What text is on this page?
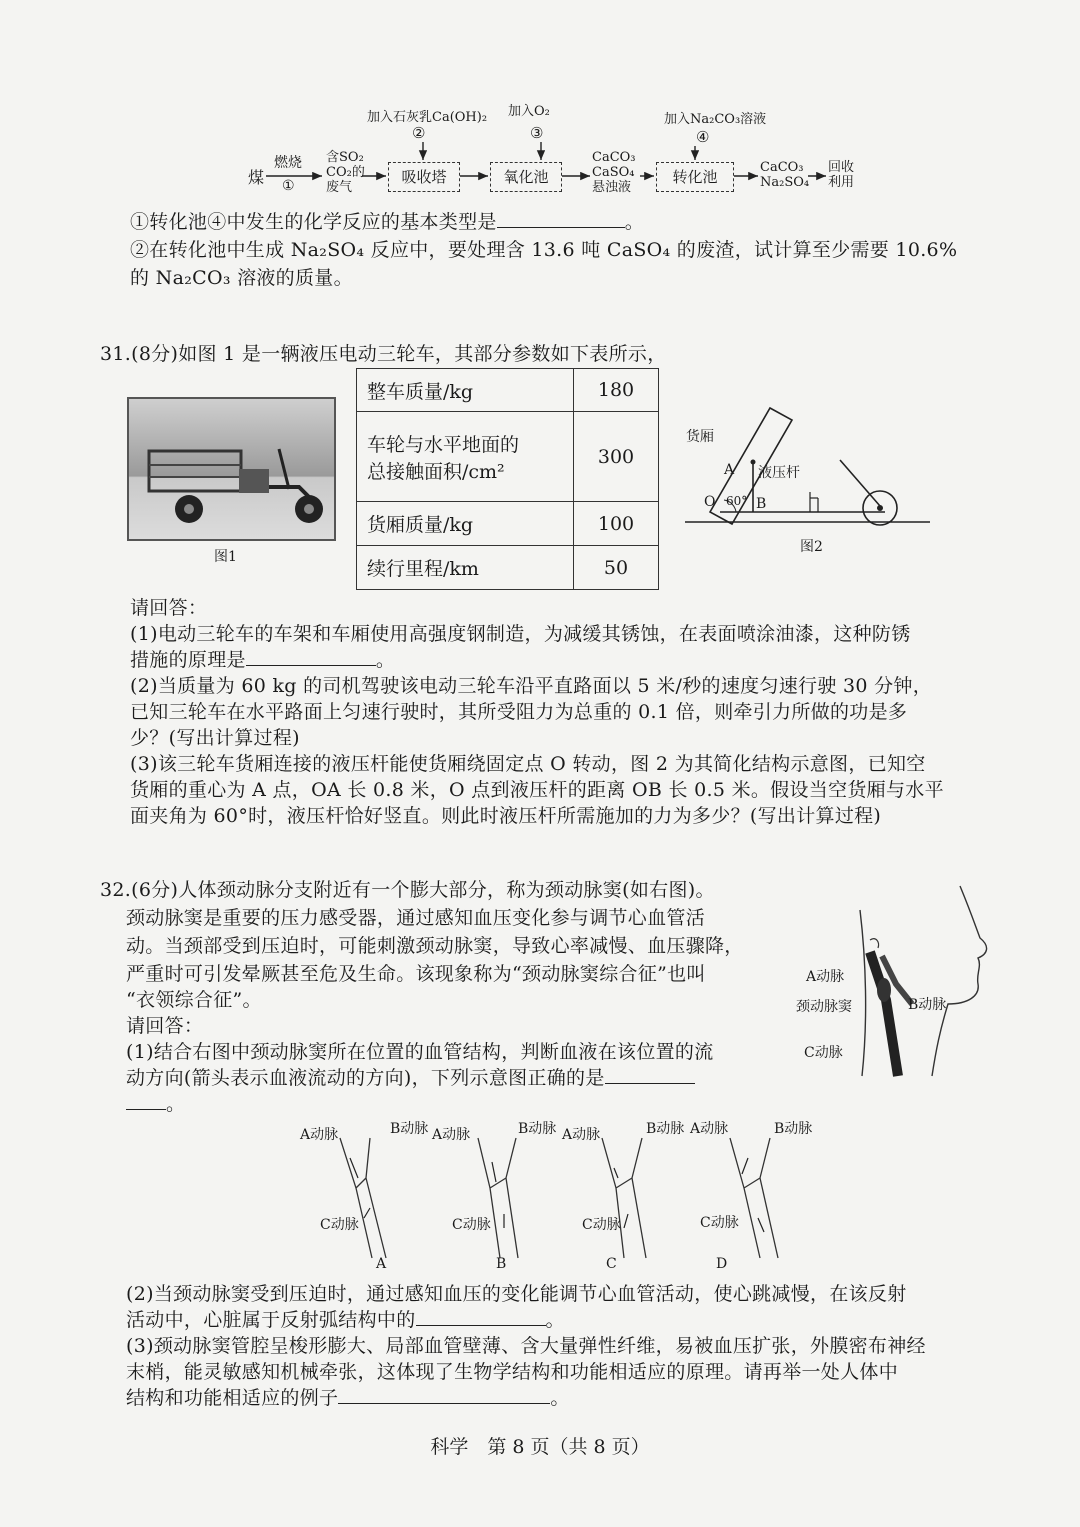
煤
燃烧
①
含SO₂
CO₂的
废气
加入石灰乳Ca(OH)₂
②
吸收塔
加入O₂
③
氧化池
CaCO₃
CaSO₄
悬浊液
加入Na₂CO₃溶液
④
转化池
CaCO₃
Na₂SO₄
回收
利用
①转化池④中发生的化学反应的基本类型是	。
②在转化池中生成 Na₂SO₄ 反应中，要处理含 13.6 吨 CaSO₄ 的废渣，试计算至少需要 10.6%
的 Na₂CO₃ 溶液的质量。
31.(8分)如图 1 是一辆液压电动三轮车，其部分参数如下表所示，
图1
整车质量/kg	180

车轮与水平地面的
总接触面积/cm²	300
货厢质量/kg	100
续行里程/km	50
货厢
A 液压杆
O 60° B
图2
请回答：
(1)电动三轮车的车架和车厢使用高强度钢制造，为减缓其锈蚀，在表面喷涂油漆，这种防锈
措施的原理是	。
(2)当质量为 60 kg 的司机驾驶该电动三轮车沿平直路面以 5 米/秒的速度匀速行驶 30 分钟，
已知三轮车在水平路面上匀速行驶时，其所受阻力为总重的 0.1 倍，则牵引力所做的功是多
少？(写出计算过程)
(3)该三轮车货厢连接的液压杆能使货厢绕固定点 O 转动，图 2 为其简化结构示意图，已知空
货厢的重心为 A 点，OA 长 0.8 米，O 点到液压杆的距离 OB 长 0.5 米。假设当空货厢与水平
面夹角为 60°时，液压杆恰好竖直。则此时液压杆所需施加的力为多少？(写出计算过程)
32.(6分)人体颈动脉分支附近有一个膨大部分，称为颈动脉窦(如右图)。
颈动脉窦是重要的压力感受器，通过感知血压变化参与调节心血管活
动。当颈部受到压迫时，可能刺激颈动脉窦，导致心率减慢、血压骤降，
严重时可引发晕厥甚至危及生命。该现象称为“颈动脉窦综合征”也叫
“衣领综合征”。
请回答：
(1)结合右图中颈动脉窦所在位置的血管结构，判断血液在该位置的流
动方向(箭头表示血液流动的方向)，下列示意图正确的是
。
A动脉
颈动脉窦	B动脉
C动脉
A动脉	B动脉
C动脉
A
A动脉	B动脉
C动脉
B
A动脉	B动脉
C动脉
C
A动脉	B动脉
C动脉
D
(2)当颈动脉窦受到压迫时，通过感知血压的变化能调节心血管活动，使心跳减慢，在该反射
活动中，心脏属于反射弧结构中的	。
(3)颈动脉窦管腔呈梭形膨大、局部血管壁薄、含大量弹性纤维，易被血压扩张，外膜密布神经
末梢，能灵敏感知机械牵张，这体现了生物学结构和功能相适应的原理。请再举一处人体中
结构和功能相适应的例子	。
科学　第 8 页（共 8 页）
